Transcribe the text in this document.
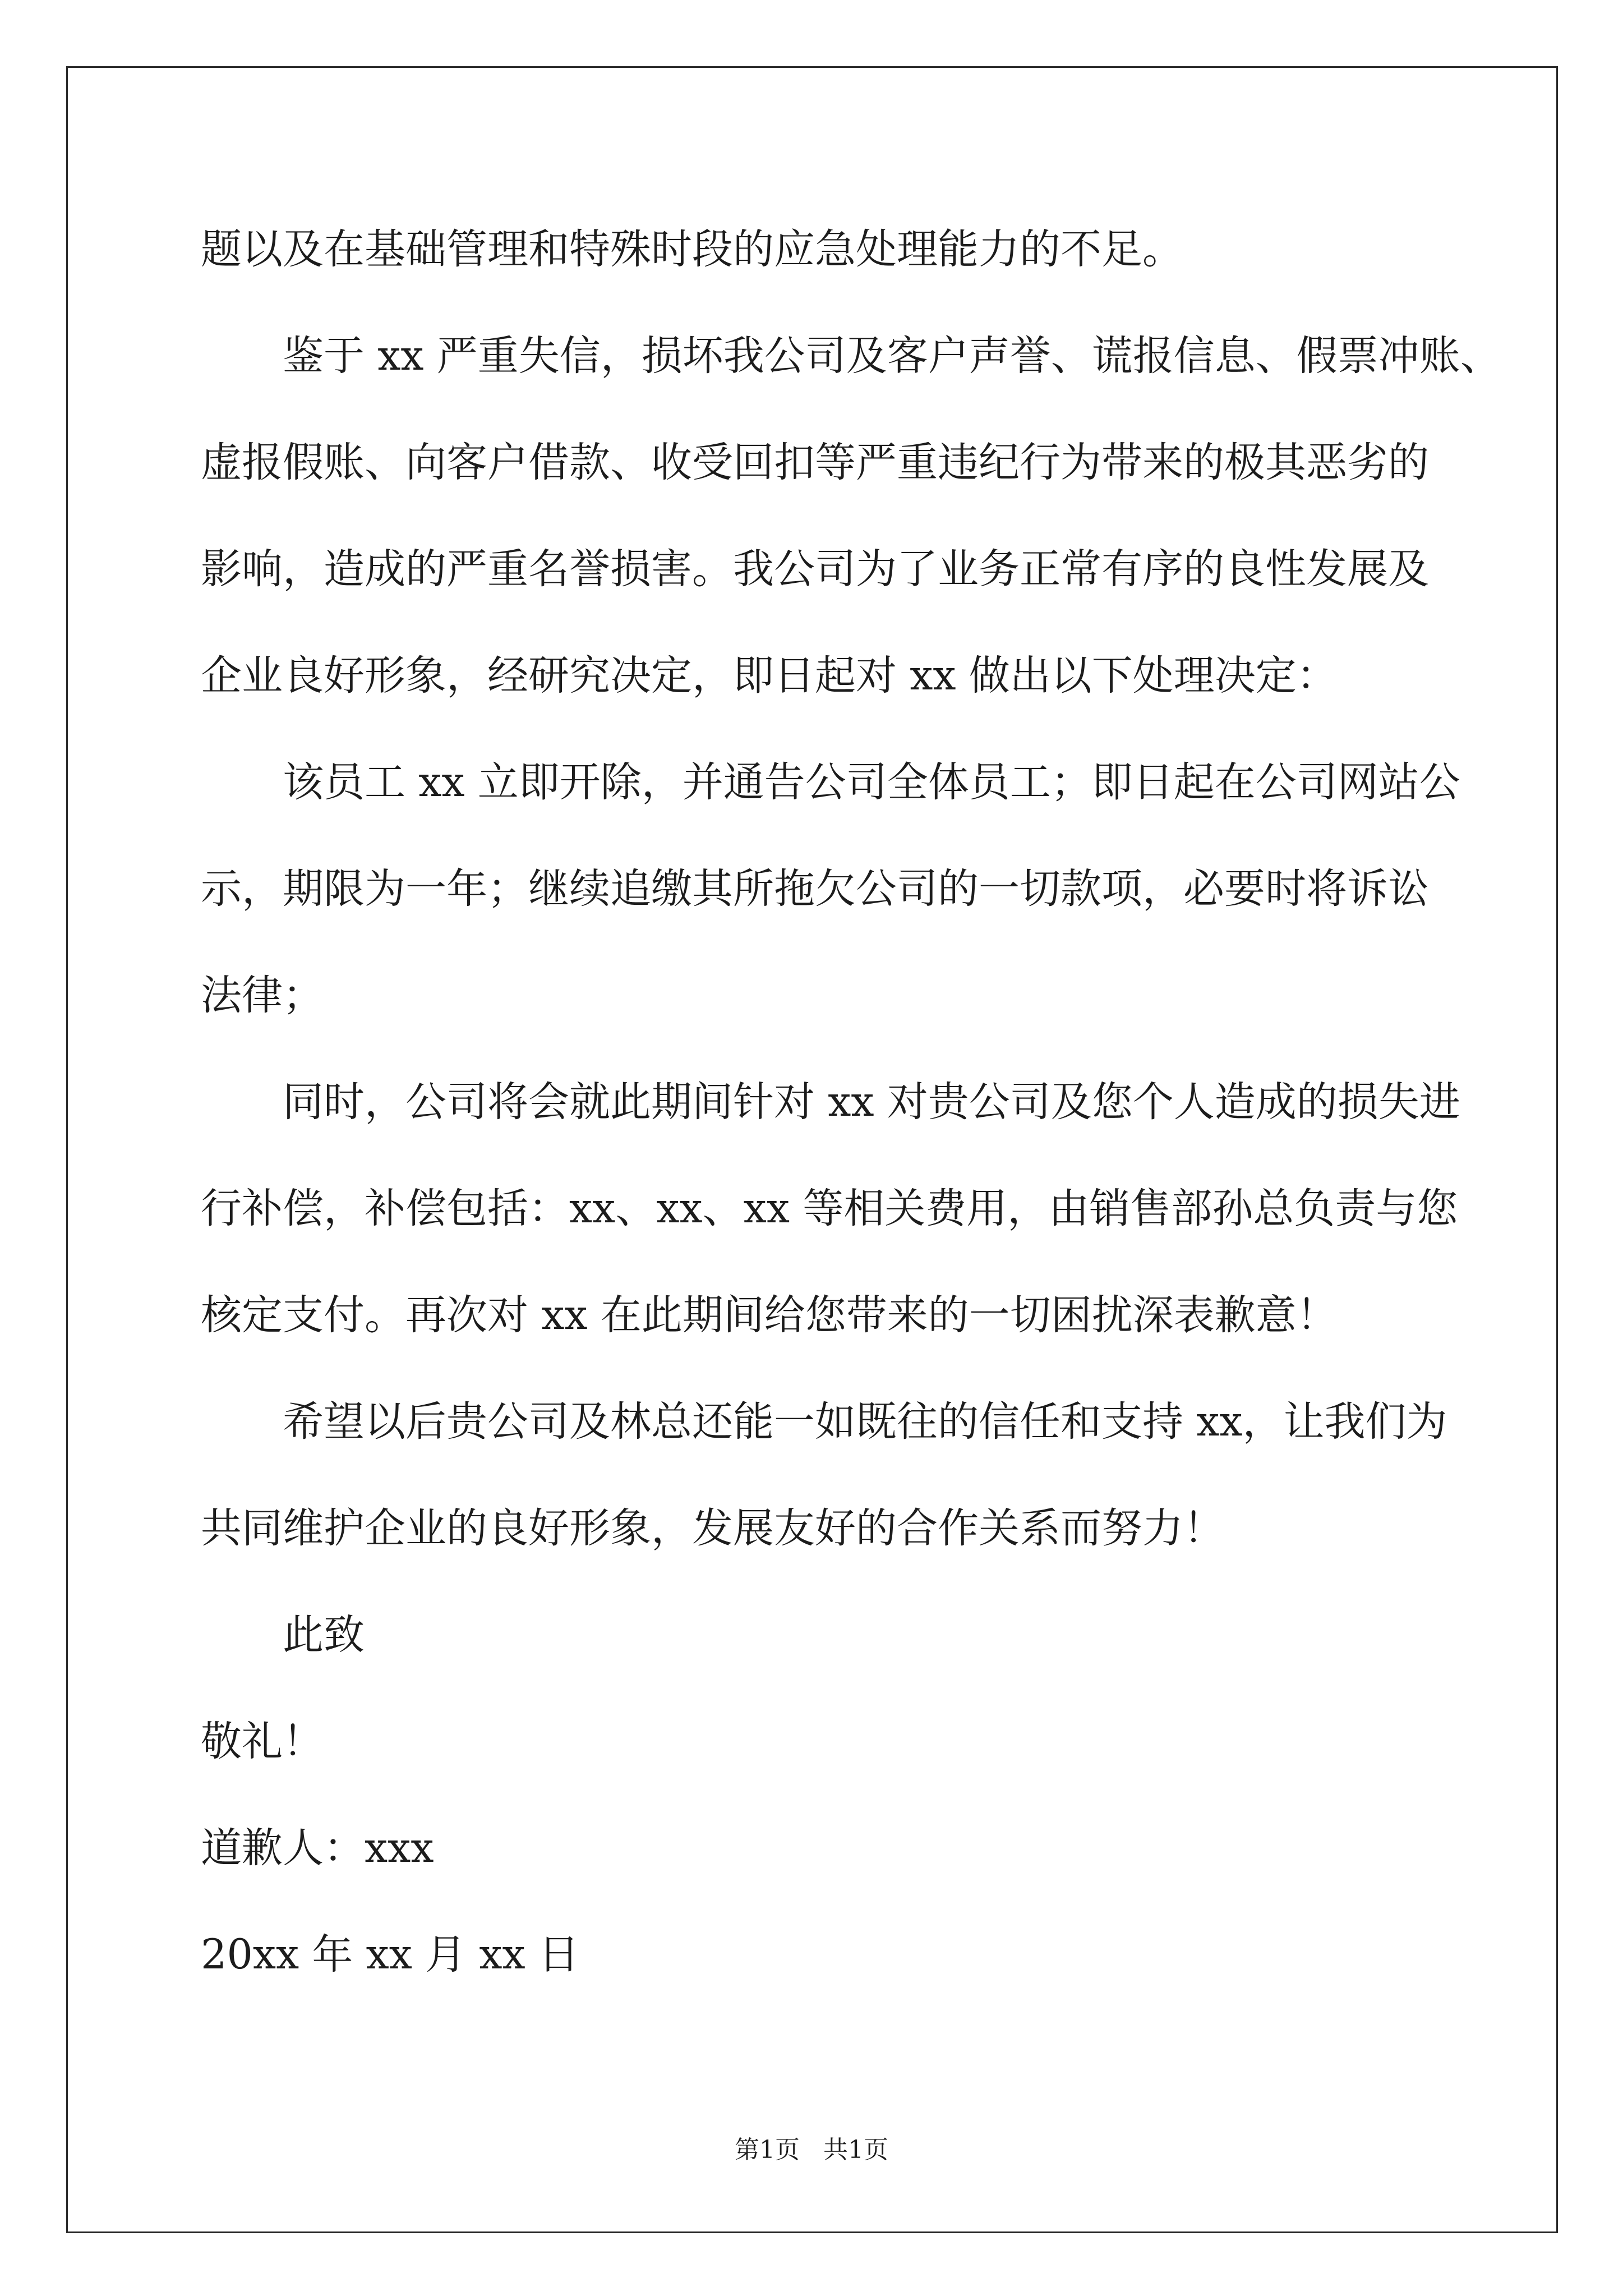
题以及在基础管理和特殊时段的应急处理能力的不足。
鉴于 xx 严重失信，损坏我公司及客户声誉、谎报信息、假票冲账、
虚报假账、向客户借款、收受回扣等严重违纪行为带来的极其恶劣的
影响，造成的严重名誉损害。我公司为了业务正常有序的良性发展及
企业良好形象，经研究决定，即日起对 xx 做出以下处理决定：
该员工 xx 立即开除，并通告公司全体员工；即日起在公司网站公
示，期限为一年；继续追缴其所拖欠公司的一切款项，必要时将诉讼
法律；
同时，公司将会就此期间针对 xx 对贵公司及您个人造成的损失进
行补偿，补偿包括：xx、xx、xx 等相关费用，由销售部孙总负责与您
核定支付。再次对 xx 在此期间给您带来的一切困扰深表歉意！
希望以后贵公司及林总还能一如既往的信任和支持 xx，让我们为
共同维护企业的良好形象，发展友好的合作关系而努力！
此致
敬礼！
道歉人：xxx
20xx 年 xx 月 xx 日
第1页   共1页
